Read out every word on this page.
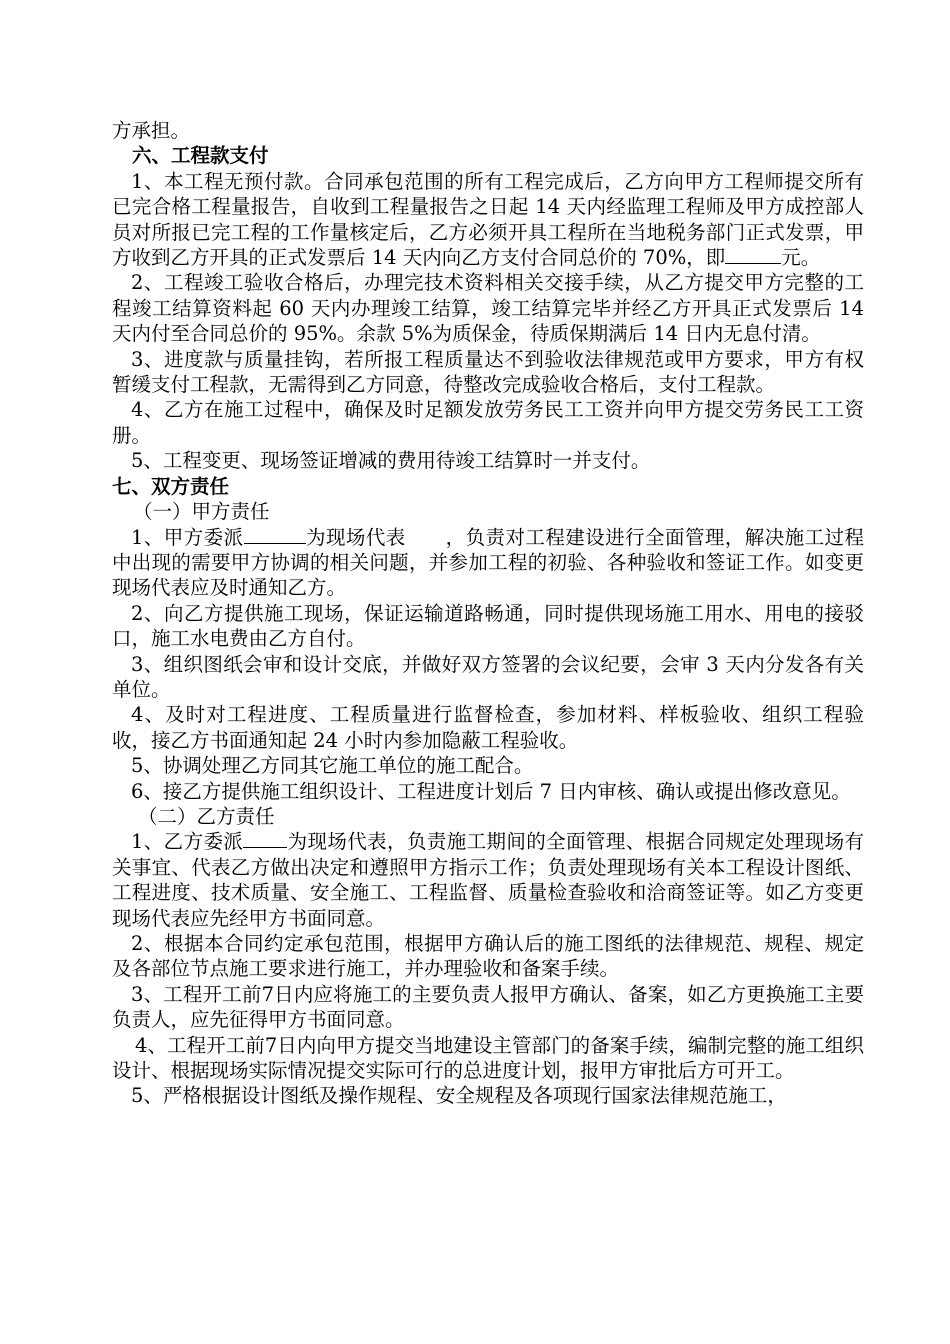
方承担。

六、工程款支付

1、本工程无预付款。合同承包范围的所有工程完成后，乙方向甲方工程师提交所有已完合格工程量报告，自收到工程量报告之日起 14 天内经监理工程师及甲方成控部人员对所报已完工程的工作量核定后，乙方必须开具工程所在当地税务部门正式发票，甲方收到乙方开具的正式发票后 14 天内向乙方支付合同总价的 70%，即	元。

2、工程竣工验收合格后，办理完技术资料相关交接手续，从乙方提交甲方完整的工程竣工结算资料起 60 天内办理竣工结算，竣工结算完毕并经乙方开具正式发票后 14 天内付至合同总价的 95%。余款 5%为质保金，待质保期满后 14 日内无息付清。

3、进度款与质量挂钩，若所报工程质量达不到验收法律规范或甲方要求，甲方有权暂缓支付工程款，无需得到乙方同意，待整改完成验收合格后，支付工程款。

4、乙方在施工过程中，确保及时足额发放劳务民工工资并向甲方提交劳务民工工资册。

5、工程变更、现场签证增减的费用待竣工结算时一并支付。

七、双方责任

（一）甲方责任

1、甲方委派	为现场代表　　，负责对工程建设进行全面管理，解决施工过程中出现的需要甲方协调的相关问题，并参加工程的初验、各种验收和签证工作。如变更现场代表应及时通知乙方。

2、向乙方提供施工现场，保证运输道路畅通，同时提供现场施工用水、用电的接驳口，施工水电费由乙方自付。

3、组织图纸会审和设计交底，并做好双方签署的会议纪要，会审 3 天内分发各有关单位。

4、及时对工程进度、工程质量进行监督检查，参加材料、样板验收、组织工程验收，接乙方书面通知起 24 小时内参加隐蔽工程验收。

5、协调处理乙方同其它施工单位的施工配合。

6、接乙方提供施工组织设计、工程进度计划后 7 日内审核、确认或提出修改意见。

（二）乙方责任

1、乙方委派 为现场代表，负责施工期间的全面管理、根据合同规定处理现场有关事宜、代表乙方做出决定和遵照甲方指示工作；负责处理现场有关本工程设计图纸、工程进度、技术质量、安全施工、工程监督、质量检查验收和洽商签证等。如乙方变更现场代表应先经甲方书面同意。

2、根据本合同约定承包范围，根据甲方确认后的施工图纸的法律规范、规程、规定及各部位节点施工要求进行施工，并办理验收和备案手续。

3、工程开工前7日内应将施工的主要负责人报甲方确认、备案，如乙方更换施工主要负责人，应先征得甲方书面同意。

4、工程开工前7日内向甲方提交当地建设主管部门的备案手续，编制完整的施工组织设计、根据现场实际情况提交实际可行的总进度计划，报甲方审批后方可开工。

5、严格根据设计图纸及操作规程、安全规程及各项现行国家法律规范施工，
